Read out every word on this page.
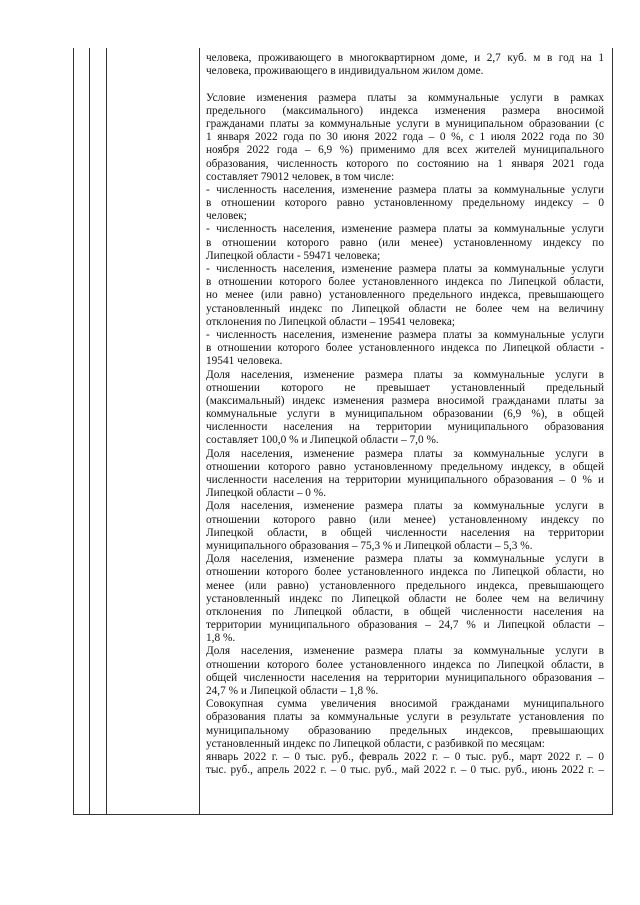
человека, проживающего в многоквартирном доме, и 2,7 куб. м в год на 1
человека, проживающего в индивидуальном жилом доме.
Условие изменения размера платы за коммунальные услуги в рамках
предельного (максимального) индекса изменения размера вносимой
гражданами платы за коммунальные услуги в муниципальном образовании (с
1 января 2022 года по 30 июня 2022 года – 0 %, с 1 июля 2022 года по 30
ноября 2022 года – 6,9 %) применимо для всех жителей муниципального
образования, численность которого по состоянию на 1 января 2021 года
составляет 79012 человек, в том числе:
- численность населения, изменение размера платы за коммунальные услуги
в отношении которого равно установленному предельному индексу – 0
человек;
- численность населения, изменение размера платы за коммунальные услуги
в отношении которого равно (или менее) установленному индексу по
Липецкой области - 59471 человека;
- численность населения, изменение размера платы за коммунальные услуги
в отношении которого более установленного индекса по Липецкой области,
но менее (или равно) установленного предельного индекса, превышающего
установленный индекс по Липецкой области не более чем на величину
отклонения по Липецкой области – 19541 человека;
- численность населения, изменение размера платы за коммунальные услуги
в отношении которого более установленного индекса по Липецкой области -
19541 человека.
Доля населения, изменение размера платы за коммунальные услуги в
отношении которого не превышает установленный предельный
(максимальный) индекс изменения размера вносимой гражданами платы за
коммунальные услуги в муниципальном образовании (6,9 %), в общей
численности населения на территории муниципального образования
составляет 100,0 % и Липецкой области – 7,0 %.
Доля населения, изменение размера платы за коммунальные услуги в
отношении которого равно установленному предельному индексу, в общей
численности населения на территории муниципального образования – 0 % и
Липецкой области – 0 %.
Доля населения, изменение размера платы за коммунальные услуги в
отношении которого равно (или менее) установленному индексу по
Липецкой области, в общей численности населения на территории
муниципального образования – 75,3 % и Липецкой области – 5,3 %.
Доля населения, изменение размера платы за коммунальные услуги в
отношении которого более установленного индекса по Липецкой области, но
менее (или равно) установленного предельного индекса, превышающего
установленный индекс по Липецкой области не более чем на величину
отклонения по Липецкой области, в общей численности населения на
территории муниципального образования – 24,7 % и Липецкой области –
1,8 %.
Доля населения, изменение размера платы за коммунальные услуги в
отношении которого более установленного индекса по Липецкой области, в
общей численности населения на территории муниципального образования –
24,7 % и Липецкой области – 1,8 %.
Совокупная сумма увеличения вносимой гражданами муниципального
образования платы за коммунальные услуги в результате установления по
муниципальному образованию предельных индексов, превышающих
установленный индекс по Липецкой области, с разбивкой по месяцам:
январь 2022 г. – 0 тыс. руб., февраль 2022 г. – 0 тыс. руб., март 2022 г. – 0
тыс. руб., апрель 2022 г. – 0 тыс. руб., май 2022 г. – 0 тыс. руб., июнь 2022 г. –
